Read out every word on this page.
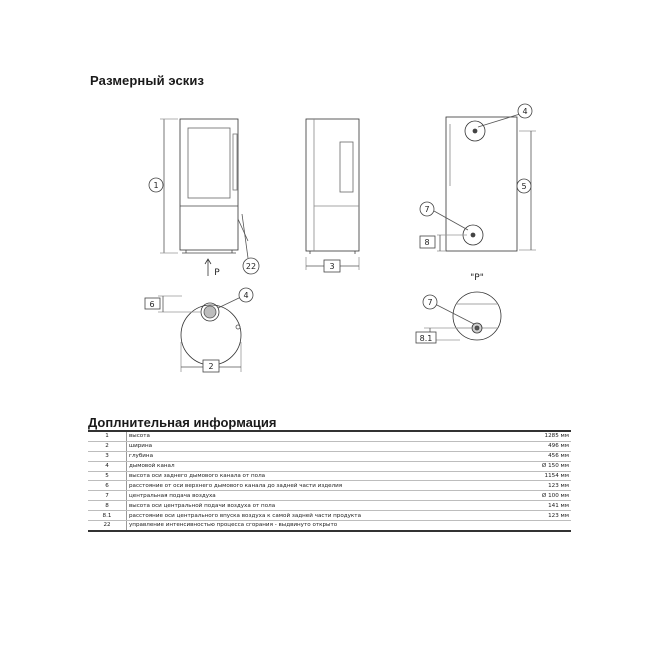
Размерный эскиз
1
2
3
4
4
5
6
7
7
8
8.1
22
P	"P"
Доплнительная информация
1	высота	1285 мм
2	ширина	496 мм
3	глубина	456 мм
4	дымовой канал	Ø 150 мм
5	высота оси заднего дымового канала от пола	1154 мм
6	расстояние от оси верхнего дымового канала до задней части изделия	123 мм
7	центральная подача воздуха	Ø 100 мм
8	высота оси центральной подачи воздуха от пола	141 мм
8.1	расстояние оси центрального впуска воздуха к самой задней части продукта	123 мм
22	управление интенсивностью процесса сгорания - выдвинуто открыто	
